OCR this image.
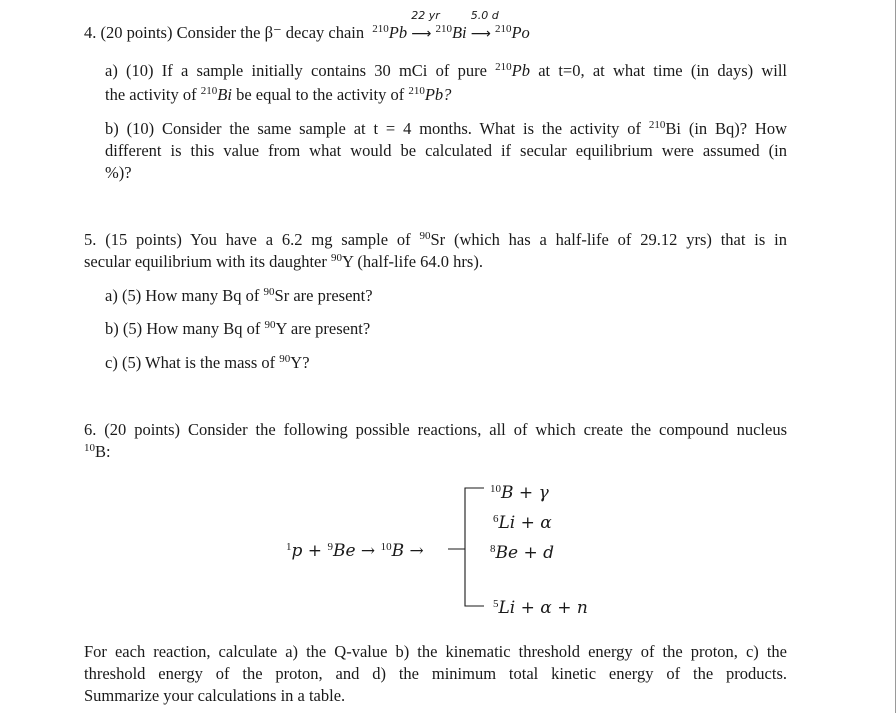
4. (20 points) Consider the β⁻ decay chain $^{210}$Pb
22 yr
⟶ $^{210}$Bi
5.0 d
⟶ $^{210}$Po
a) (10) If a sample initially contains 30 mCi of pure $^{210}$Pb at t=0, at what time (in days) will
the activity of $^{210}$Bi be equal to the activity of $^{210}$Pb?
b) (10) Consider the same sample at t = 4 months. What is the activity of $^{210}$Bi (in Bq)? How
different is this value from what would be calculated if secular equilibrium were assumed (in
%)?
5. (15 points) You have a 6.2 mg sample of $^{90}$Sr (which has a half-life of 29.12 yrs) that is in
secular equilibrium with its daughter $^{90}$Y (half-life 64.0 hrs).
a) (5) How many Bq of $^{90}$Sr are present?
b) (5) How many Bq of $^{90}$Y are present?
c) (5) What is the mass of $^{90}$Y?
6. (20 points) Consider the following possible reactions, all of which create the compound nucleus
$^{10}$B:
$^1$p + $^9$Be → $^{10}$B →
$^{10}$B + γ
$^6$Li + α
$^8$Be + d
$^5$Li + α + n
For each reaction, calculate a) the Q-value b) the kinematic threshold energy of the proton, c) the
threshold energy of the proton, and d) the minimum total kinetic energy of the products.
Summarize your calculations in a table.
